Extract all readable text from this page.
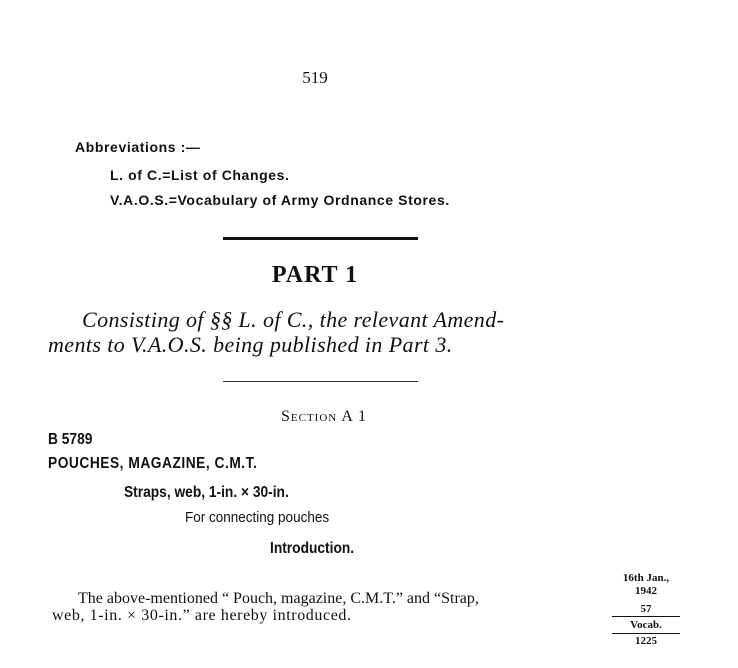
519
Abbreviations :—
L. of C.=List of Changes.
V.A.O.S.=Vocabulary of Army Ordnance Stores.
PART 1
Consisting of §§ L. of C., the relevant Amend-
ments to V.A.O.S. being published in Part 3.
Section A 1
B 5789
POUCHES, MAGAZINE, C.M.T.
Straps, web, 1-in. × 30-in.
For connecting pouches
Introduction.
The above-mentioned “ Pouch, magazine, C.M.T.” and “Strap,
web, 1-in. × 30-in.” are hereby introduced.
16th Jan.,
1942
57
Vocab.
1225
